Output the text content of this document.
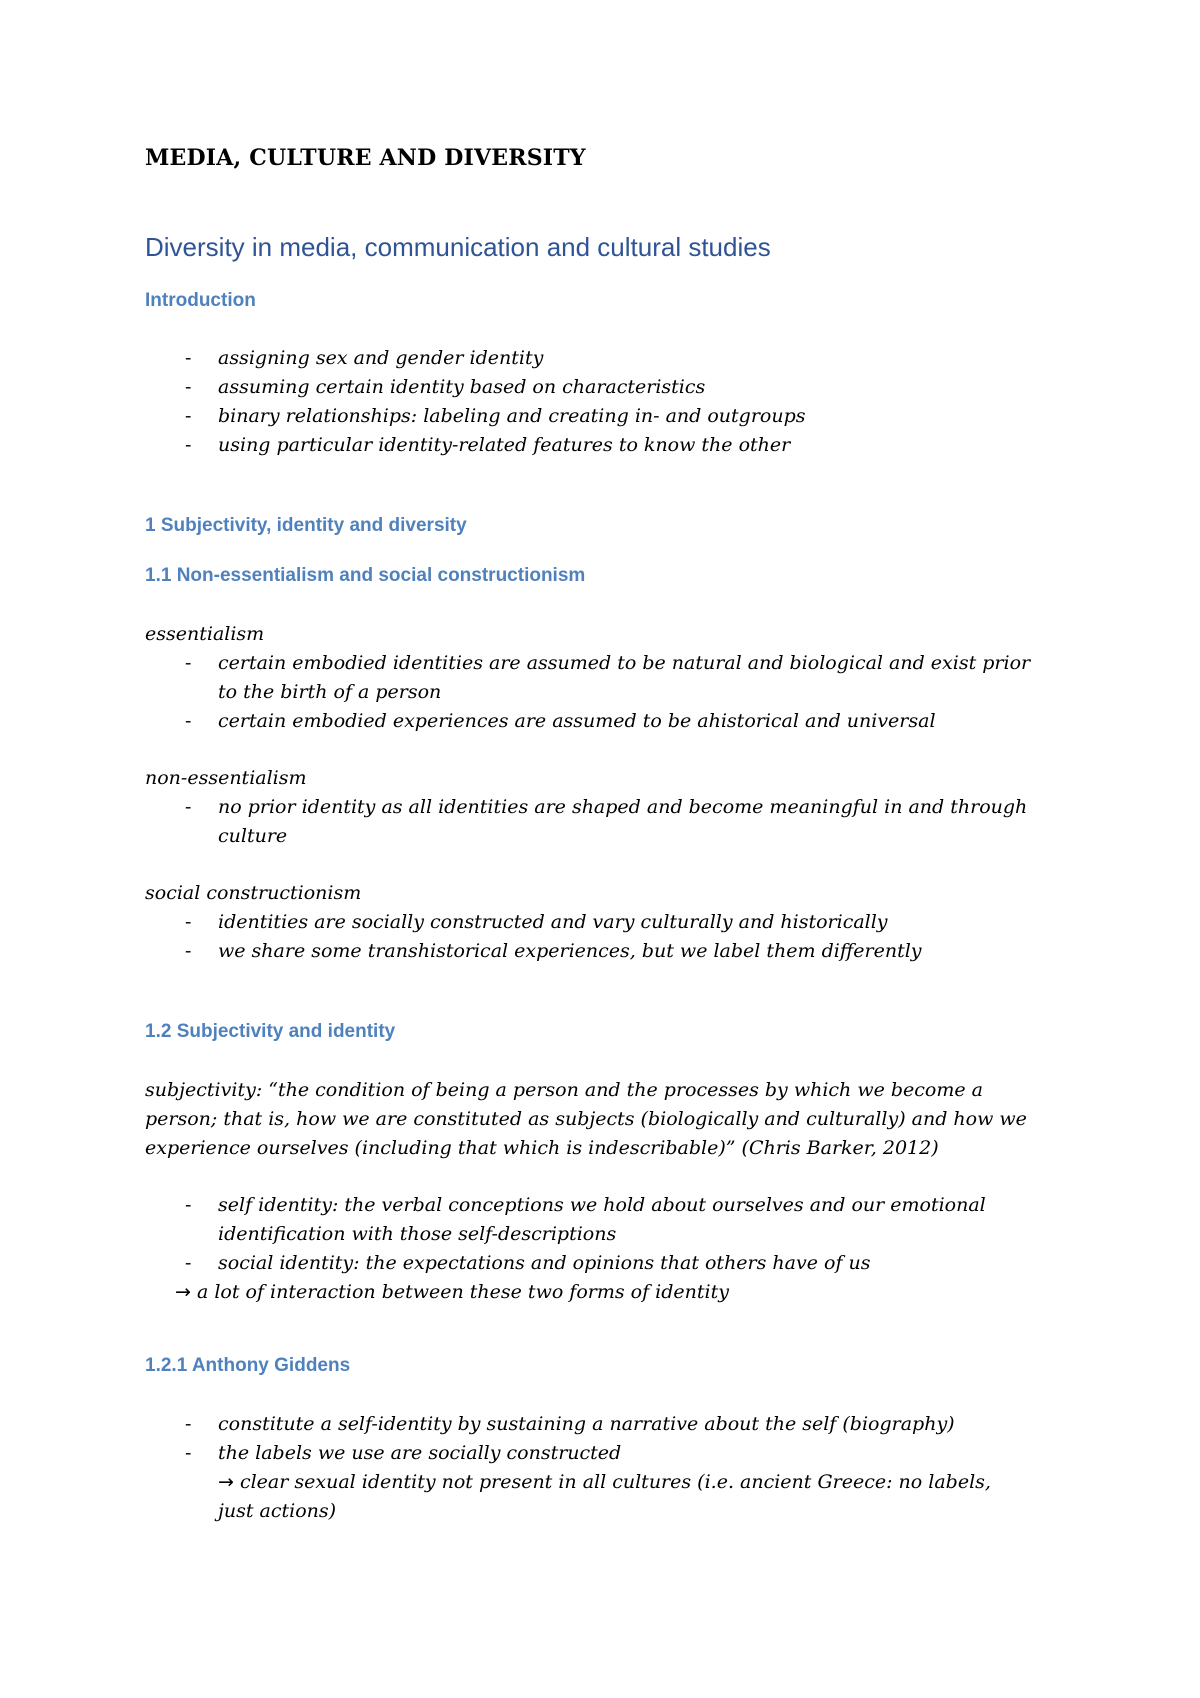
MEDIA, CULTURE AND DIVERSITY
Diversity in media, communication and cultural studies
Introduction
-	assigning sex and gender identity
-	assuming certain identity based on characteristics
-	binary relationships: labeling and creating in- and outgroups
-	using particular identity-related features to know the other
1 Subjectivity, identity and diversity
1.1 Non-essentialism and social constructionism
essentialism
-	certain embodied identities are assumed to be natural and biological and exist prior
to the birth of a person
-	certain embodied experiences are assumed to be ahistorical and universal
non-essentialism
-	no prior identity as all identities are shaped and become meaningful in and through
culture
social constructionism
-	identities are socially constructed and vary culturally and historically
-	we share some transhistorical experiences, but we label them differently
1.2 Subjectivity and identity
subjectivity: “the condition of being a person and the processes by which we become a
person; that is, how we are constituted as subjects (biologically and culturally) and how we
experience ourselves (including that which is indescribable)” (Chris Barker, 2012)
-	self identity: the verbal conceptions we hold about ourselves and our emotional
identification with those self-descriptions
-	social identity: the expectations and opinions that others have of us
→ a lot of interaction between these two forms of identity
1.2.1 Anthony Giddens
-	constitute a self-identity by sustaining a narrative about the self (biography)
-	the labels we use are socially constructed
→ clear sexual identity not present in all cultures (i.e. ancient Greece: no labels,
just actions)
